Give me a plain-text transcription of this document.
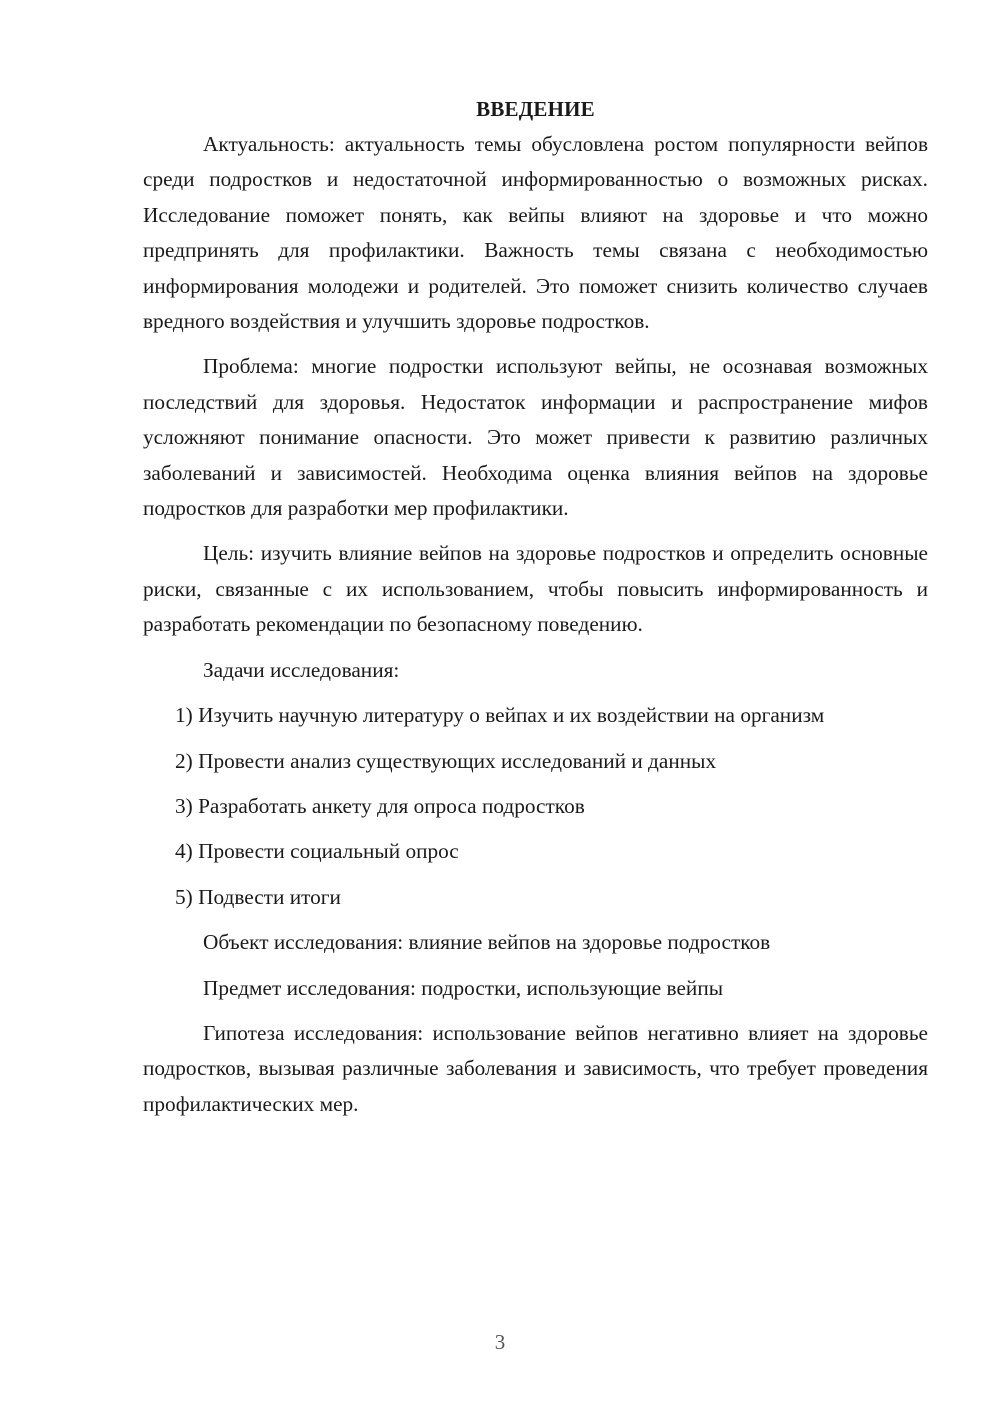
ВВЕДЕНИЕ

Актуальность: актуальность темы обусловлена ростом популярности вейпов среди подростков и недостаточной информированностью о возможных рисках. Исследование поможет понять, как вейпы влияют на здоровье и что можно предпринять для профилактики. Важность темы связана с необходимостью информирования молодежи и родителей. Это поможет снизить количество случаев вредного воздействия и улучшить здоровье подростков.

Проблема: многие подростки используют вейпы, не осознавая возможных последствий для здоровья. Недостаток информации и распространение мифов усложняют понимание опасности. Это может привести к развитию различных заболеваний и зависимостей. Необходима оценка влияния вейпов на здоровье подростков для разработки мер профилактики.

Цель: изучить влияние вейпов на здоровье подростков и определить основные риски, связанные с их использованием, чтобы повысить информированность и разработать рекомендации по безопасному поведению.

Задачи исследования:

1) Изучить научную литературу о вейпах и их воздействии на организм

2) Провести анализ существующих исследований и данных

3) Разработать анкету для опроса подростков

4) Провести социальный опрос

5) Подвести итоги

Объект исследования: влияние вейпов на здоровье подростков

Предмет исследования: подростки, использующие вейпы

Гипотеза исследования: использование вейпов негативно влияет на здоровье подростков, вызывая различные заболевания и зависимость, что требует проведения профилактических мер.

3
